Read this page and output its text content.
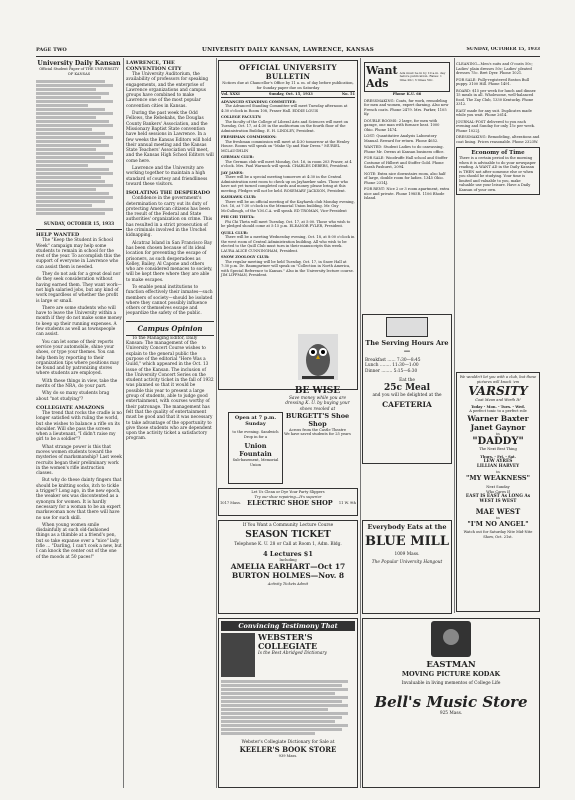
PAGE TWO	UNIVERSITY DAILY KANSAN, LAWRENCE, KANSAS	SUNDAY, OCTOBER 15, 1933
University Daily Kansan
Official Student Paper of THE UNIVERSITY OF KANSAS
SUNDAY, OCTOBER 15, 1933
HELP WANTED

The "Keep the Student in School Week" campaign may help some students to remain in school for the rest of the year. To accomplish this the support of everyone in Lawrence who can assist them is needed.

They do not ask for a great deal nor do they seek consideration without having earned them. They want work—not high salaried jobs, but any kind of work regardless of whether the profit is large or small.

There are some students who will have to leave the University within a month if they do not make some money to keep up their running expenses. A few students as well as townspeople can assist.

You can let some of their reports service your automobile, shine your shoes, or type your themes. You can help them by reporting to their organization tips where positions may be found and by patronizing stores where students are employed.

With these things in view, take the merits of the NRA, do your part.

Why do so many students brag about "not studying"?

COLLEGIATE AMAZONS

The trend that rocks the cradle is no longer satisfied with ruling the world, but she wishes to balance a rifle on its shoulder. Will she pass the screen when a lieutenant, "I didn't raise my girl to be a soldier"?

What strange power is this that moves women students toward the mysteries of marksmanship? Last week recruits began their preliminary work in the women's rifle instruction classes.

But why do these dainty fingers that should be knitting socks, itch to tickle a trigger? Long ago, in the new epoch, the weaker sex was discontented as a synonym for women. It is hardly necessary for a woman to be an expert markswoman now that there will have no use for such skill.

When young women smile disdainfully at such old-fashioned things as a thimble at a friend's pen, but so take expanse over a "nice" lady rifle ... "Darling, I can't cook a new, but I can knock the center out of the one of the moods at 50 paces!"

LAWRENCE, THE CONVENTION CITY

The University Auditorium, the availability of professors for speaking engagements, and the enterprise of Lawrence organizations and campus groups have combined to make Lawrence one of the most popular convention cities in Kansas.

During the past week the Odd Fellows, the Rebekahs, the Douglas County Bankers' Association, and the Missionary Baptist State convention have held sessions in Lawrence. In a few weeks the Kansas Editors will hold their annual meeting and the Kansas State Teachers' Association will meet, and the Kansas High School Editors will come here.

Lawrence and the University are working together to maintain a high standard of courtesy and friendliness toward these visitors.

ISOLATING THE DESPERADO

Confidence in the government's determination to carry out its duty of protecting American citizens has been the result of the Federal and State authorities' organization on crime. This has resulted in a strict prosecution of the criminals involved in the Urschel kidnapping.

Alcatraz Island in San Francisco Bay has been chosen because of its ideal location for preventing the escape of prisoners, as such desperadoes as Kelley, Bailey, Al Capone and others who are considered menaces to society, will be kept there where they are able to make escapes.

To enable penal institutions to function effectively their inmates—such members of society—should be isolated where they cannot possibly influence others or themselves escape and jeopardize the safety of the public.

Campus Opinion

To the Managing Editor, Daily Kansan: The management of the University Concert Course wishes to explain to the general public the purpose of the editorial "Here Was a Guild," which appeared in the Oct. 13 issue of the Kansan. The inclusion of the University Concert Series on the student activity ticket in the fall of 1932 was planned so that it would be possible this year to present a large group of students, able to judge good entertainment, with courses worthy of their patronage. The management has felt that the quality of entertainment must be good and that it was necessary to take advantage of the opportunity to give those students who are dependent upon the activity ticket a satisfactory program.

OFFICIAL UNIVERSITY BULLETIN
Notices due at Chancellor's Office by 11 a. m. of day before publication, for Sunday paper due on Saturday
Vol. XXXI	Sunday, Oct. 15, 1933	No. 51
ADVANCED STANDING COMMITTEE:
The Advanced Standing Committee will meet Tuesday afternoon at 4:30 o'clock in Room 108, Fraser Hall. EDDIE LOUIS
COLLEGE FACULTY:
The faculty of the College of Liberal Arts and Sciences will meet on Tuesday, Oct. 17, at 4:30 in the auditorium on the fourth floor of the Administration Building. E. H. LINDLEY, President.
FRESHMAN COMMISSION:
The freshman commission will meet at 4:30 tomorrow at the Henley House. Rooms will speak on "Make Up and Hair Dress." MURIEL MCLAUGHLIN
GERMAN CLUB:
The German club will meet Monday, Oct. 16, in room 203 Fraser, at 4 o'clock. Mrs. Paul Warnock will speak. CHARLES DEBERS, President.
JAY JANES:
There will be a special meeting tomorrow at 4:30 in the Central Administration next room to check up on Jayhawker sales. Those who have not yet turned completed cards and money please bring at this meeting. Pledges will not be held. ROSEMARY JACKSON, President.
KAYHAWK CLUB:
There will be an official meeting of the Kayhawk club Monday evening, Oct. 16, at 7:30 o'clock in the Memorial Union building. Mr. Guy McCullough, of the Y.M.C.A. will speak. ED TROMAN, Vice-President
PHI CHI THETA:
Phi Chi Theta will meet Tuesday, Oct. 17, at 5:00. Those who wish to be pledged should come at 5:15 p.m. ELEANOR FYLER, President.
QUILL CLUB:
There will be a meeting Wednesday evening, Oct. 18, at 8:00 o'clock in the west room of Central Administration building. All who wish to be elected to the Quill Club must turn in their manuscripts this week. LAURA ALICE CUNNINGHAM, President.
SNOW ZOOLOGY CLUB:
The regular meeting will be held Tuesday, Oct. 17, in Snow Hall at 7:30 p.m. Dr. Baumgartner will speak on "Collection in North America, with Special Reference to Kansas." Also in the University lecture course. JIM LIPPMAN, President.
BE WISE
Save money while you are dressing K. U. by buying your shoes resoled at
BURGETT'S Shoe Shop
Across from the Castle Theatre
We have saved students for 25 years
Open at 7 p.m. Sunday
to the evening. Sandwich Drop in for a
Union Fountain
Sub-basement, Memorial Union
Let Us Clean or Dye Your Party Slippers
Try our shoe repairing—It's superior
1017 Mass. ELECTRIC SHOE SHOP 11 W. 9th
If You Want a Community Lecture Course
SEASON TICKET
Telephone K. U. 28 or Call at Room 1, Adm. Bldg.
4 Lectures $1
Including
AMELIA EARHART—Oct 17
BURTON HOLMES—Nov. 8
Activity Tickets Admit
Convincing Testimony That
WEBSTER'S COLLEGIATE
Is the Best Abridged Dictionary
Webster's Collegiate Dictionary for Sale at
KEELER'S BOOK STORE
939 Mass.
Want Ads
Ads must be in by 10 a.m. day before publication. Rates: 1 time 20c; 3 times 50c.
Phone K.U. 66
DRESSMAKING: Coats, fur work, remodeling for men and women, expert darning. Also new French coats. Phone 2479. Mrs. Parker, 1105 Ky.
DOUBLE ROOMS: 2 large, for men with garage, one man with furnace heat. 1000 Ohio. Phone 1474.
LOST: Quantitative Analysis Laboratory Manual. Reward for return. Phone 4652.
WANTED: Student Ladies to do canvassing. Phone Mr. Owens at Kansan business office.
FOR SALE: Woodruffe Hall school and Stoffer Costume of Hilbert and Stoffer Gold. Phone Sarah Pashurst, 2094.
NOTE: Extra nice downstairs room, also half of large, double room for ladies. 1345 Ohio. Phone 2314J.
FOR RENT: Nice 2 or 3 room apartment, extra nice and private. Phone 1985R. 1106 Rhode Island.
The Serving Hours Are—
Breakfast ...... 7:30—8:45
Lunch ........ 11:30—1:00
Dinner ........ 5:15—6:30
Eat the
25c Meal
and you will be delighted at the
CAFETERIA
Everybody Eats at the
BLUE MILL
1009 Mass.
The Popular University Hangout
EASTMAN
MOVING PICTURE KODAK
Invaluable in living mementos of College Life
Bell's Music Store
925 Mass.
CLEANING—Men's suits and O'coats 50c; Ladies' plain dresses 50c; Ladies' pleated dresses 75c. Bret Dyer. Phone 1021.
FOR SALE: Fully-registered Boston Bull puppy. 3100 Hill. Phone 1491.
BOARD: $15 per week for lunch and dinner. 15 meals in all. Wholesome, well-balanced food. The Zay Club, 1330 Kentucky. Phone 3312.
EASY made for any suit. Duplicates made while you wait. Phone 2614.
JOURNAL-POST delivered to you each evening and Sunday for only 15c per week. Phone 1022J.
DRESSMAKING: Remodeling, alterations and coat lining. Prices reasonable. Phone 2323W.
Economy of Time
There is a certain period in the morning when it is advisable to do your newspaper reading. A WANT AD in the Daily Kansan is THEN not after someone else or when you should be studying. Your time is limited and valuable to you, make valuable use your leisure. Have a Daily Kansan of your own.
We wouldn't let you with a club, but these pictures will knock 'em
VARSITY
Coat Mean and Worth It!
Today - Mon. - Tues. - Wed.
A perfect tonic to a perfect role
Warner Baxter
Janet Gaynor
in
"DADDY"
The Next Best Thing
Thurs. - Fri. - Sat.
LEW AYRES
LILLIAN HARVEY
in
"MY WEAKNESS"
Next Sunday
Who Cares If
EAST IS EAST As LONG As WEST IS WEST
MAE WEST
in
"I'M NO ANGEL"
Watch out for Saturday Nite Mid-Nite Show, Oct. 21st.
